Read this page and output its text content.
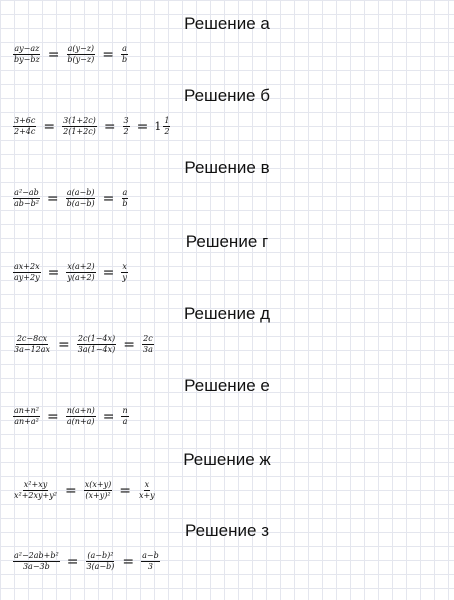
Решение а
$\frac{ay-az}{by-bz} = \frac{a(y-z)}{b(y-z)} = \frac{a}{b}$
Решение б
$\frac{3+6c}{2+4c} = \frac{3(1+2c)}{2(1+2c)} = \frac{3}{2} = 1 \frac{1}{2}$
Решение в
$\frac{\text{a²−ab}}{\text{ab−b²}} = \frac{a(a-b)}{b(a-b)} = \frac{a}{b}$
Решение г
$\frac{ax+2x}{ay+2y} = \frac{x(a+2)}{y(a+2)} = \frac{x}{y}$
Решение д
$\frac{2c-8cx}{3a-12ax} = \frac{2c(1-4x)}{3a(1-4x)} = \frac{2c}{3a}$
Решение е
$\frac{\text{an+n²}}{\text{an+a²}} = \frac{n(a+n)}{a(n+a)} = \frac{n}{a}$
Решение ж
$\frac{\text{x²+xy}}{\text{x²+2xy+y²}} = \frac{x(x+y)}{\text{(x+y)²}} = \frac{x}{x+y}$
Решение з
$\frac{\text{a²−2ab+b²}}{3a-3b} = \frac{\text{(a−b)²}}{3(a-b)} = \frac{a-b}{3}$
